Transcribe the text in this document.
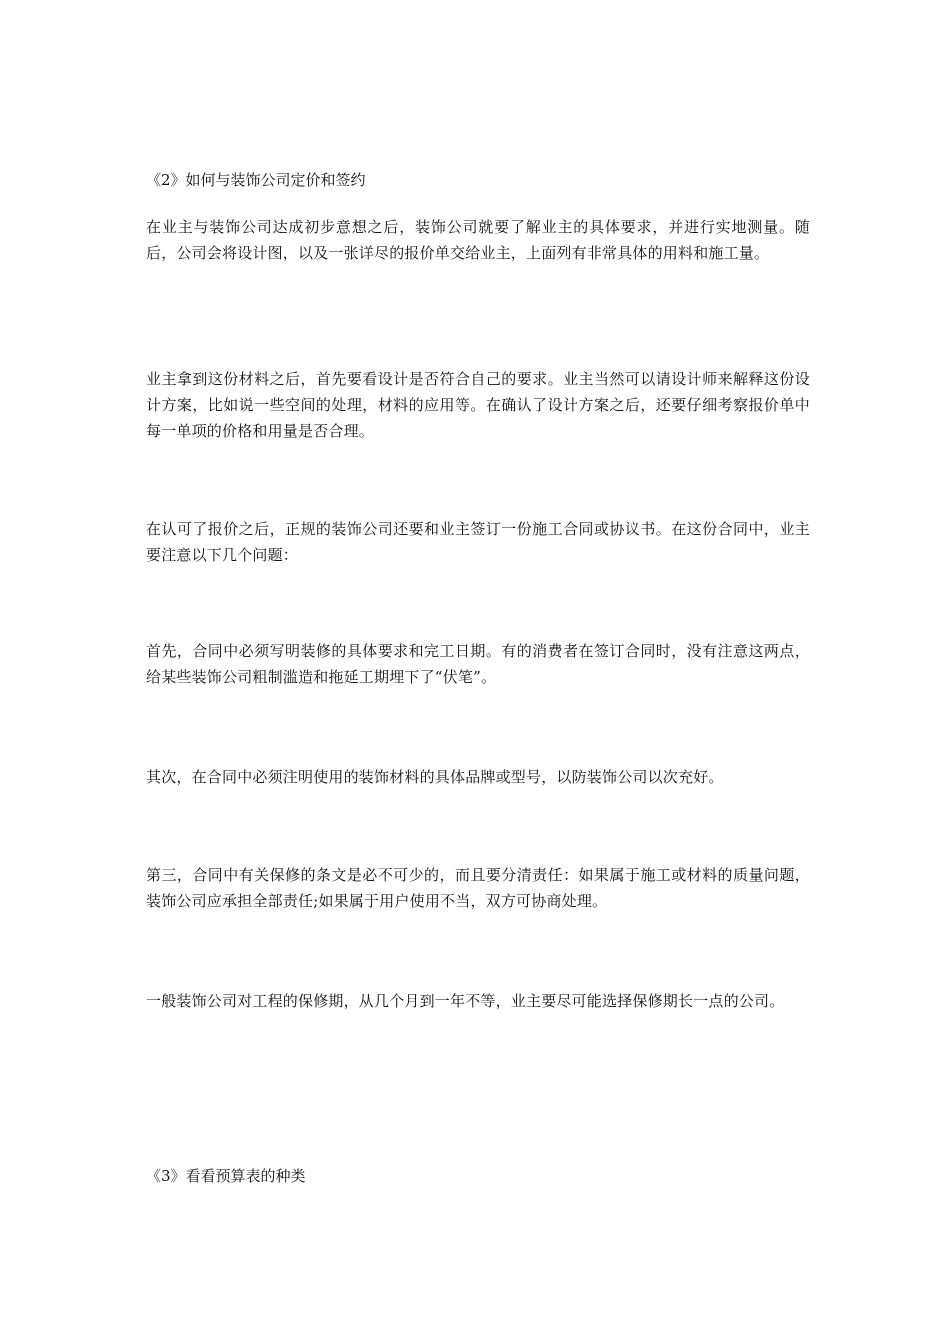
《2》如何与装饰公司定价和签约
在业主与装饰公司达成初步意想之后，装饰公司就要了解业主的具体要求，并进行实地测量。随后，公司会将设计图，以及一张详尽的报价单交给业主，上面列有非常具体的用料和施工量。
业主拿到这份材料之后，首先要看设计是否符合自己的要求。业主当然可以请设计师来解释这份设计方案，比如说一些空间的处理，材料的应用等。在确认了设计方案之后，还要仔细考察报价单中每一单项的价格和用量是否合理。
在认可了报价之后，正规的装饰公司还要和业主签订一份施工合同或协议书。在这份合同中，业主要注意以下几个问题：
首先，合同中必须写明装修的具体要求和完工日期。有的消费者在签订合同时，没有注意这两点，给某些装饰公司粗制滥造和拖延工期埋下了“伏笔”。
其次，在合同中必须注明使用的装饰材料的具体品牌或型号，以防装饰公司以次充好。
第三，合同中有关保修的条文是必不可少的，而且要分清责任：如果属于施工或材料的质量问题，装饰公司应承担全部责任;如果属于用户使用不当，双方可协商处理。
一般装饰公司对工程的保修期，从几个月到一年不等，业主要尽可能选择保修期长一点的公司。
《3》看看预算表的种类
